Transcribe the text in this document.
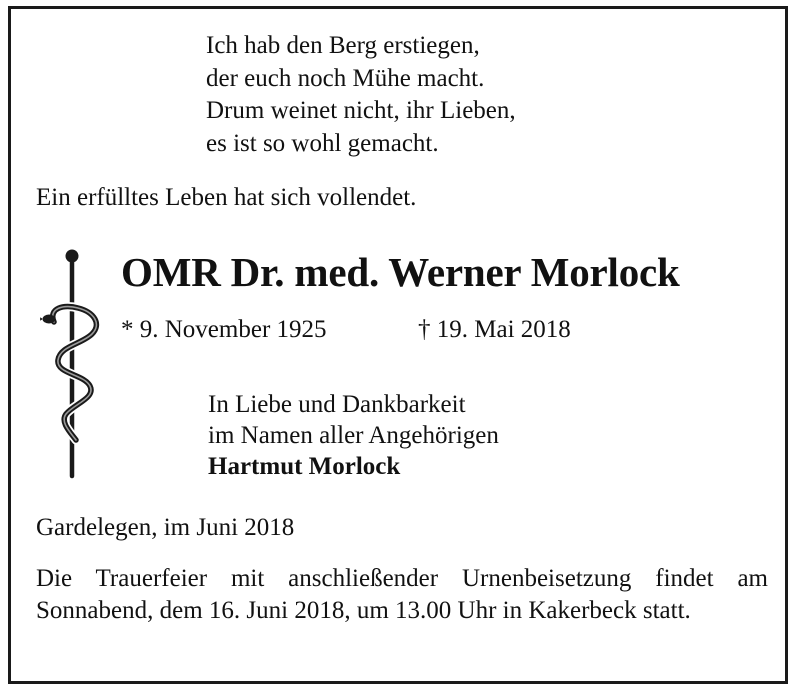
Ich hab den Berg erstiegen,
der euch noch Mühe macht.
Drum weinet nicht, ihr Lieben,
es ist so wohl gemacht.
Ein erfülltes Leben hat sich vollendet.
OMR Dr. med. Werner Morlock
* 9. November 1925	† 19. Mai 2018
In Liebe und Dankbarkeit
im Namen aller Angehörigen
Hartmut Morlock
Gardelegen, im Juni 2018
Die Trauerfeier mit anschließender Urnenbeisetzung findet am Sonnabend, dem 16. Juni 2018, um 13.00 Uhr in Kakerbeck statt.
